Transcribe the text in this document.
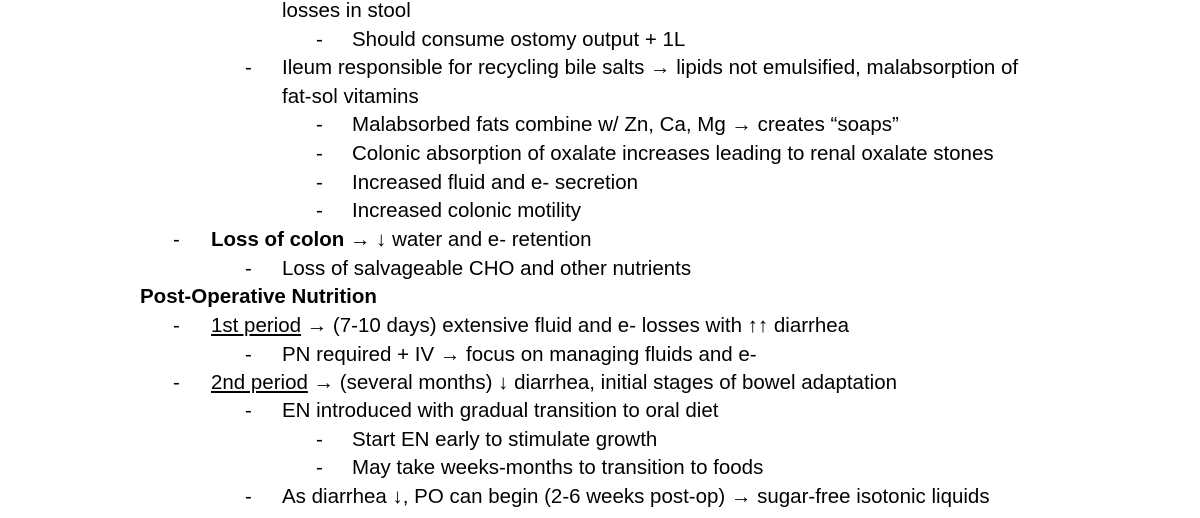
losses in stool
-	Should consume ostomy output + 1L
-	Ileum responsible for recycling bile salts → lipids not emulsified, malabsorption of
fat-sol vitamins
-	Malabsorbed fats combine w/ Zn, Ca, Mg → creates “soaps”
-	Colonic absorption of oxalate increases leading to renal oxalate stones
-	Increased fluid and e- secretion
-	Increased colonic motility
-	Loss of colon → ↓ water and e- retention
-	Loss of salvageable CHO and other nutrients
Post-Operative Nutrition
-	1st period → (7-10 days) extensive fluid and e- losses with ↑↑ diarrhea
-	PN required + IV → focus on managing fluids and e-
-	2nd period → (several months) ↓ diarrhea, initial stages of bowel adaptation
-	EN introduced with gradual transition to oral diet
-	Start EN early to stimulate growth
-	May take weeks-months to transition to foods
-	As diarrhea ↓, PO can begin (2-6 weeks post-op) → sugar-free isotonic liquids
